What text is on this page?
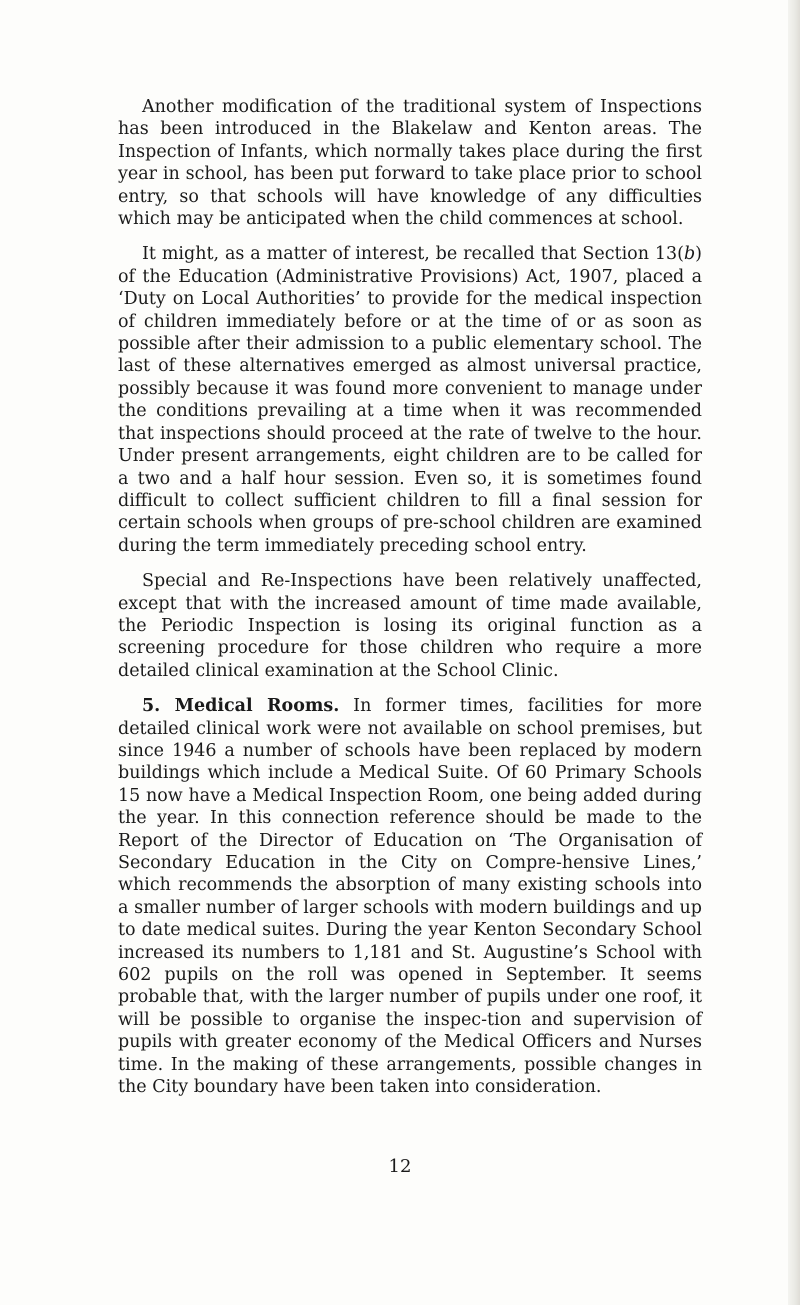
Another modification of the traditional system of Inspections has been introduced in the Blakelaw and Kenton areas. The Inspection of Infants, which normally takes place during the first year in school, has been put forward to take place prior to school entry, so that schools will have knowledge of any difficulties which may be anticipated when the child commences at school.

It might, as a matter of interest, be recalled that Section 13(b) of the Education (Administrative Provisions) Act, 1907, placed a ‘Duty on Local Authorities’ to provide for the medical inspection of children immediately before or at the time of or as soon as possible after their admission to a public elementary school. The last of these alternatives emerged as almost universal practice, possibly because it was found more convenient to manage under the conditions prevailing at a time when it was recommended that inspections should proceed at the rate of twelve to the hour. Under present arrangements, eight children are to be called for a two and a half hour session. Even so, it is sometimes found difficult to collect sufficient children to fill a final session for certain schools when groups of pre-school children are examined during the term immediately preceding school entry.

Special and Re-Inspections have been relatively unaffected, except that with the increased amount of time made available, the Periodic Inspection is losing its original function as a screening procedure for those children who require a more detailed clinical examination at the School Clinic.

5. Medical Rooms. In former times, facilities for more detailed clinical work were not available on school premises, but since 1946 a number of schools have been replaced by modern buildings which include a Medical Suite. Of 60 Primary Schools 15 now have a Medical Inspection Room, one being added during the year. In this connection reference should be made to the Report of the Director of Education on ‘The Organisation of Secondary Education in the City on Compre-hensive Lines,’ which recommends the absorption of many existing schools into a smaller number of larger schools with modern buildings and up to date medical suites. During the year Kenton Secondary School increased its numbers to 1,181 and St. Augustine’s School with 602 pupils on the roll was opened in September. It seems probable that, with the larger number of pupils under one roof, it will be possible to organise the inspec-tion and supervision of pupils with greater economy of the Medical Officers and Nurses time. In the making of these arrangements, possible changes in the City boundary have been taken into consideration.

12
